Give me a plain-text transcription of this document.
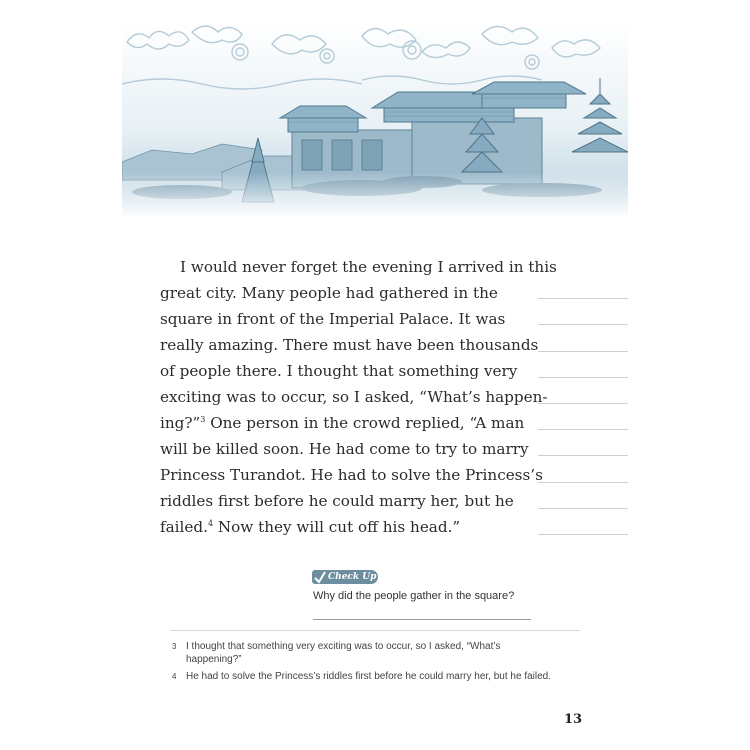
I would never forget the evening I arrived in this
great city. Many people had gathered in the
square in front of the Imperial Palace. It was
really amazing. There must have been thousands
of people there. I thought that something very
exciting was to occur, so I asked, “What’s happen-
ing?”$^3$ One person in the crowd replied, “A man
will be killed soon. He had come to try to marry
Princess Turandot. He had to solve the Princess’s
riddles first before he could marry her, but he
failed.$^4$ Now they will cut off his head.”
Check Up
Why did the people gather in the square?
3 I thought that something very exciting was to occur, so I asked, “What’s happening?”
4 He had to solve the Princess’s riddles first before he could marry her, but he failed.
13
